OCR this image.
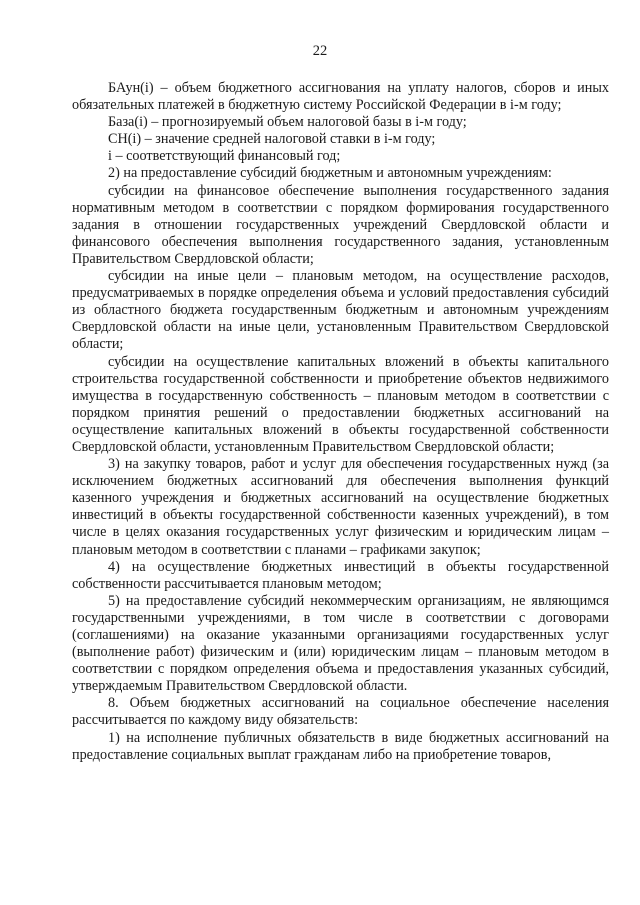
22

БАун(i) – объем бюджетного ассигнования на уплату налогов, сборов и иных обязательных платежей в бюджетную систему Российской Федерации в i-м году;

База(i) – прогнозируемый объем налоговой базы в i-м году;

СН(i) – значение средней налоговой ставки в i-м году;

i – соответствующий финансовый год;

2) на предоставление субсидий бюджетным и автономным учреждениям:

субсидии на финансовое обеспечение выполнения государственного задания нормативным методом в соответствии с порядком формирования государственного задания в отношении государственных учреждений Свердловской области и финансового обеспечения выполнения государственного задания, установленным Правительством Свердловской области;

субсидии на иные цели – плановым методом, на осуществление расходов, предусматриваемых в порядке определения объема и условий предоставления субсидий из областного бюджета государственным бюджетным и автономным учреждениям Свердловской области на иные цели, установленным Правительством Свердловской области;

субсидии на осуществление капитальных вложений в объекты капитального строительства государственной собственности и приобретение объектов недвижимого имущества в государственную собственность – плановым методом в соответствии с порядком принятия решений о предоставлении бюджетных ассигнований на осуществление капитальных вложений в объекты государственной собственности Свердловской области, установленным Правительством Свердловской области;

3) на закупку товаров, работ и услуг для обеспечения государственных нужд (за исключением бюджетных ассигнований для обеспечения выполнения функций казенного учреждения и бюджетных ассигнований на осуществление бюджетных инвестиций в объекты государственной собственности казенных учреждений), в том числе в целях оказания государственных услуг физическим и юридическим лицам – плановым методом в соответствии с планами – графиками закупок;

4) на осуществление бюджетных инвестиций в объекты государственной собственности рассчитывается плановым методом;

5) на предоставление субсидий некоммерческим организациям, не являющимся государственными учреждениями, в том числе в соответствии с договорами (соглашениями) на оказание указанными организациями государственных услуг (выполнение работ) физическим и (или) юридическим лицам – плановым методом в соответствии с порядком определения объема и предоставления указанных субсидий, утверждаемым Правительством Свердловской области.

8. Объем бюджетных ассигнований на социальное обеспечение населения рассчитывается по каждому виду обязательств:

1) на исполнение публичных обязательств в виде бюджетных ассигнований на предоставление социальных выплат гражданам либо на приобретение товаров,
